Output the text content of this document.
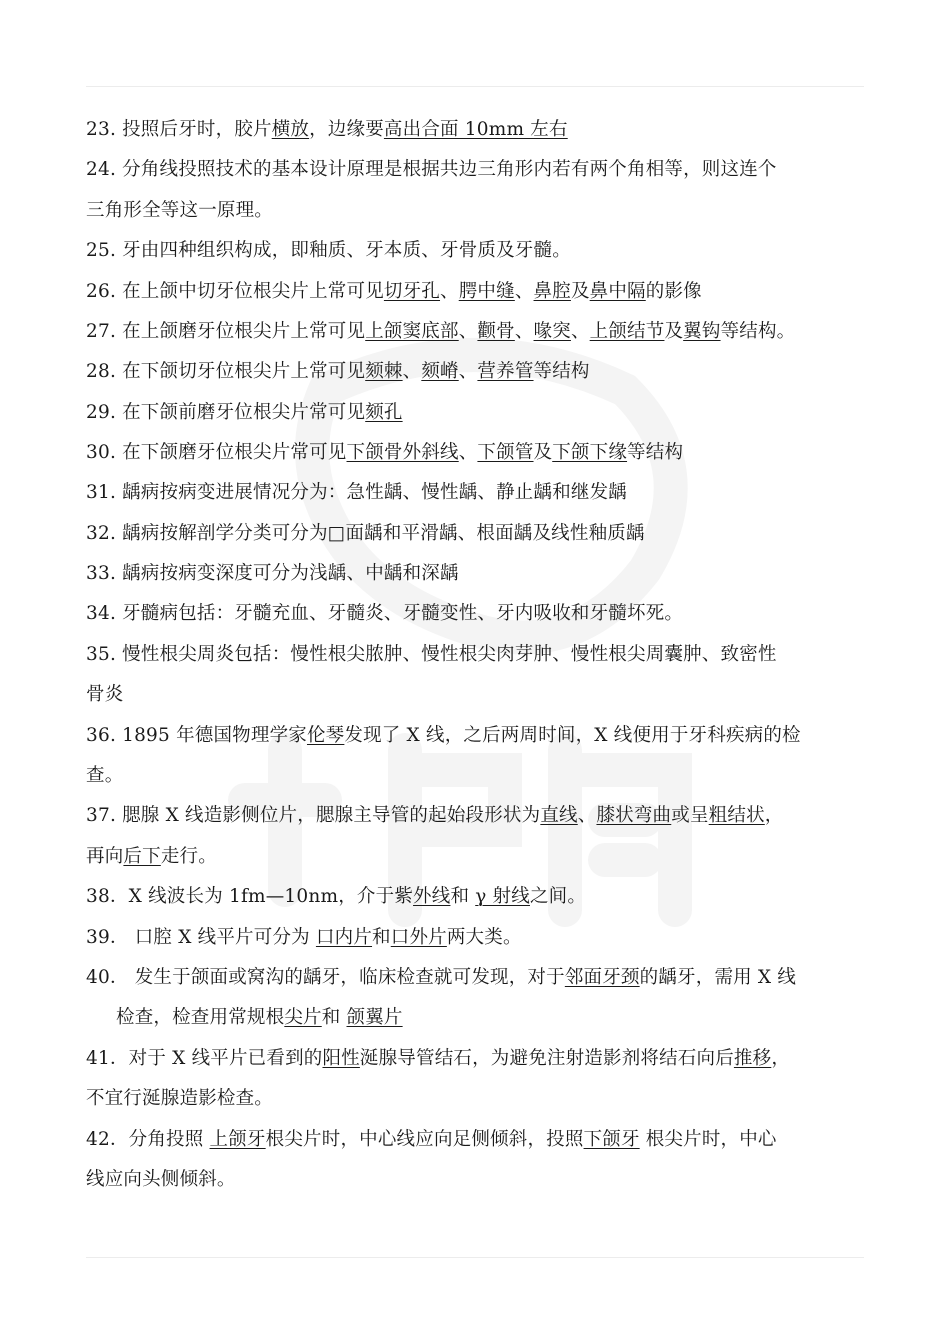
23. 投照后牙时，胶片横放，边缘要高出合面 10mm 左右
24. 分角线投照技术的基本设计原理是根据共边三角形内若有两个角相等，则这连个
三角形全等这一原理。
25. 牙由四种组织构成，即釉质、牙本质、牙骨质及牙髓。
26. 在上颌中切牙位根尖片上常可见切牙孔、腭中缝、鼻腔及鼻中隔的影像
27. 在上颌磨牙位根尖片上常可见上颌窦底部、颧骨、喙突、上颌结节及翼钩等结构。
28. 在下颌切牙位根尖片上常可见颏棘、颏嵴、营养管等结构
29. 在下颌前磨牙位根尖片常可见颏孔
30. 在下颌磨牙位根尖片常可见下颌骨外斜线、下颌管及下颌下缘等结构
31. 龋病按病变进展情况分为：急性龋、慢性龋、静止龋和继发龋
32. 龋病按解剖学分类可分为□面龋和平滑龋、根面龋及线性釉质龋
33. 龋病按病变深度可分为浅龋、中龋和深龋
34. 牙髓病包括：牙髓充血、牙髓炎、牙髓变性、牙内吸收和牙髓坏死。
35. 慢性根尖周炎包括：慢性根尖脓肿、慢性根尖肉芽肿、慢性根尖周囊肿、致密性
骨炎
36. 1895 年德国物理学家伦琴发现了 X 线，之后两周时间，X 线便用于牙科疾病的检
查。
37. 腮腺 X 线造影侧位片，腮腺主导管的起始段形状为直线、膝状弯曲或呈粗结状，
再向后下走行。
38．X 线波长为 1fm—10nm，介于紫外线和 γ 射线之间。
39． 口腔 X 线平片可分为 口内片和口外片两大类。
40． 发生于颌面或窝沟的龋牙，临床检查就可发现，对于邻面牙颈的龋牙，需用 X 线
检查，检查用常规根尖片和 颌翼片
41．对于 X 线平片已看到的阳性涎腺导管结石，为避免注射造影剂将结石向后推移，
不宜行涎腺造影检查。
42．分角投照 上颌牙根尖片时，中心线应向足侧倾斜，投照下颌牙 根尖片时，中心
线应向头侧倾斜。
